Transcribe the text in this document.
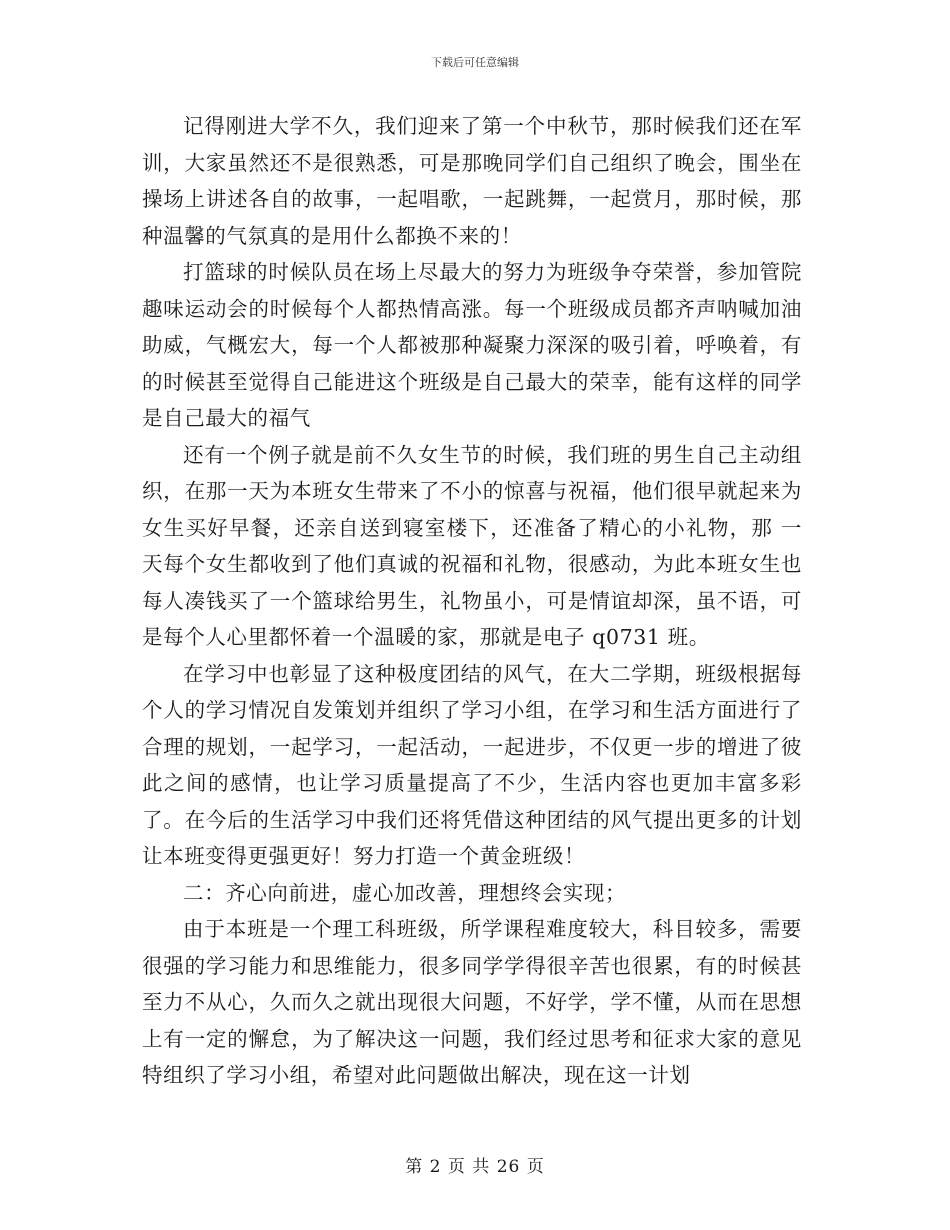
下载后可任意编辑

记得刚进大学不久，我们迎来了第一个中秋节，那时候我们还在军训，大家虽然还不是很熟悉，可是那晚同学们自己组织了晚会，围坐在操场上讲述各自的故事，一起唱歌，一起跳舞，一起赏月，那时候，那种温馨的气氛真的是用什么都换不来的！

打篮球的时候队员在场上尽最大的努力为班级争夺荣誉，参加管院趣味运动会的时候每个人都热情高涨。每一个班级成员都齐声呐喊加油助威，气概宏大，每一个人都被那种凝聚力深深的吸引着，呼唤着，有的时候甚至觉得自己能进这个班级是自己最大的荣幸，能有这样的同学是自己最大的福气

还有一个例子就是前不久女生节的时候，我们班的男生自己主动组织，在那一天为本班女生带来了不小的惊喜与祝福，他们很早就起来为女生买好早餐，还亲自送到寝室楼下，还准备了精心的小礼物，那 一天每个女生都收到了他们真诚的祝福和礼物，很感动，为此本班女生也每人凑钱买了一个篮球给男生，礼物虽小，可是情谊却深，虽不语，可是每个人心里都怀着一个温暖的家，那就是电子 q0731 班。

在学习中也彰显了这种极度团结的风气，在大二学期，班级根据每个人的学习情况自发策划并组织了学习小组，在学习和生活方面进行了合理的规划，一起学习，一起活动，一起进步，不仅更一步的增进了彼此之间的感情，也让学习质量提高了不少，生活内容也更加丰富多彩了。在今后的生活学习中我们还将凭借这种团结的风气提出更多的计划让本班变得更强更好！努力打造一个黄金班级！

二：齐心向前进，虚心加改善，理想终会实现；

由于本班是一个理工科班级，所学课程难度较大，科目较多，需要很强的学习能力和思维能力，很多同学学得很辛苦也很累，有的时候甚至力不从心，久而久之就出现很大问题，不好学，学不懂，从而在思想上有一定的懈怠，为了解决这一问题，我们经过思考和征求大家的意见特组织了学习小组，希望对此问题做出解决，现在这一计划

第 2 页 共 26 页
